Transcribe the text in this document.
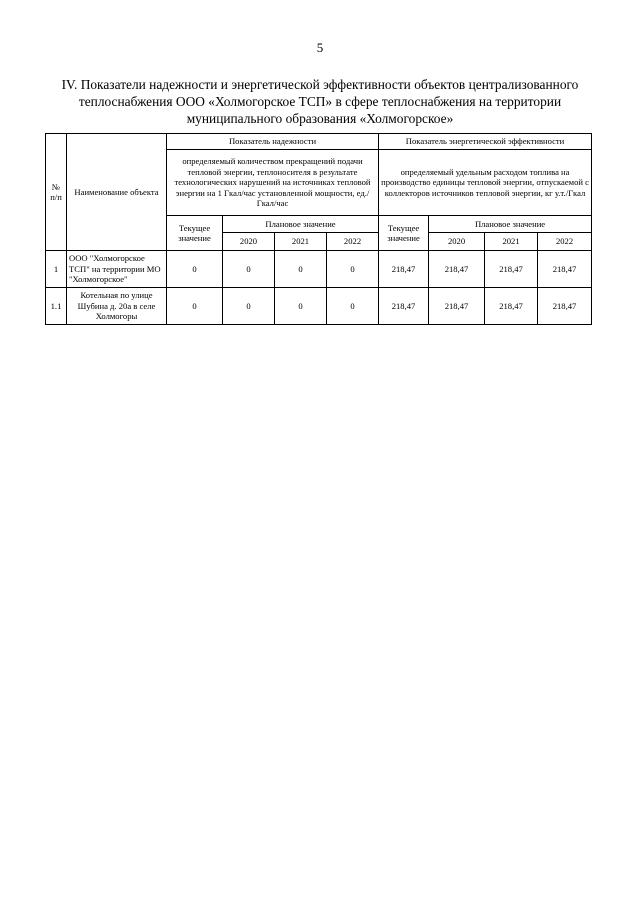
5
IV. Показатели надежности и энергетической эффективности объектов централизованного
теплоснабжения ООО «Холмогорское ТСП» в сфере теплоснабжения на территории
муниципального образования «Холмогорское»
№ п/п	Наименование объекта	Показатель надежности				Показатель энергетической эффективности			
		определяемый количеством прекращений подачи тепловой энергии, теплоносителя в результате технологических нарушений на источниках тепловой энергии на 1 Гкал/час установленной мощности, ед./Гкал/час				определяемый удельным расходом топлива на производство единицы тепловой энергии, отпускаемой с коллекторов источников тепловой энергии, кг у.т./Гкал			
		Текущее значение	Плановое значение			Текущее значение	Плановое значение		
			2020	2021	2022		2020	2021	2022
1	ООО "Холмогорское ТСП" на территории МО "Холмогорское"	0	0	0	0	218,47	218,47	218,47	218,47
1.1	Котельная по улице Шубина д. 20а в селе Холмогоры	0	0	0	0	218,47	218,47	218,47	218,47
